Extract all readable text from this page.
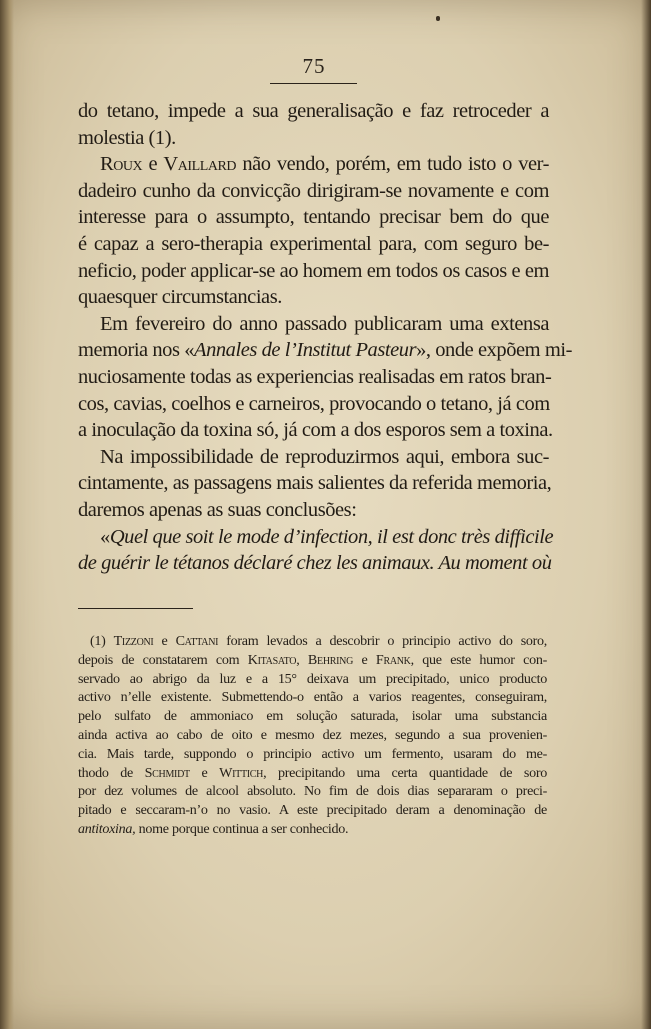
75
do tetano, impede a sua generalisação e faz retroceder a
molestia (1).
Roux e Vaillard não vendo, porém, em tudo isto o ver-
dadeiro cunho da convicção dirigiram-se novamente e com
interesse para o assumpto, tentando precisar bem do que
é capaz a sero-therapia experimental para, com seguro be-
neficio, poder applicar-se ao homem em todos os casos e em
quaesquer circumstancias.
Em fevereiro do anno passado publicaram uma extensa
memoria nos «Annales de l’Institut Pasteur», onde expõem mi-
nuciosamente todas as experiencias realisadas em ratos bran-
cos, cavias, coelhos e carneiros, provocando o tetano, já com
a inoculação da toxina só, já com a dos esporos sem a toxina.
Na impossibilidade de reproduzirmos aqui, embora suc-
cintamente, as passagens mais salientes da referida memoria,
daremos apenas as suas conclusões:
«Quel que soit le mode d’infection, il est donc très difficile
de guérir le tétanos déclaré chez les animaux. Au moment où
(1) Tizzoni e Cattani foram levados a descobrir o principio activo do soro,
depois de constatarem com Kitasato, Behring e Frank, que este humor con-
servado ao abrigo da luz e a 15° deixava um precipitado, unico producto
activo n’elle existente. Submettendo-o então a varios reagentes, conseguiram,
pelo sulfato de ammoniaco em solução saturada, isolar uma substancia
ainda activa ao cabo de oito e mesmo dez mezes, segundo a sua provenien-
cia. Mais tarde, suppondo o principio activo um fermento, usaram do me-
thodo de Schmidt e Wittich, precipitando uma certa quantidade de soro
por dez volumes de alcool absoluto. No fim de dois dias separaram o preci-
pitado e seccaram-n’o no vasio. A este precipitado deram a denominação de
antitoxina, nome porque continua a ser conhecido.
